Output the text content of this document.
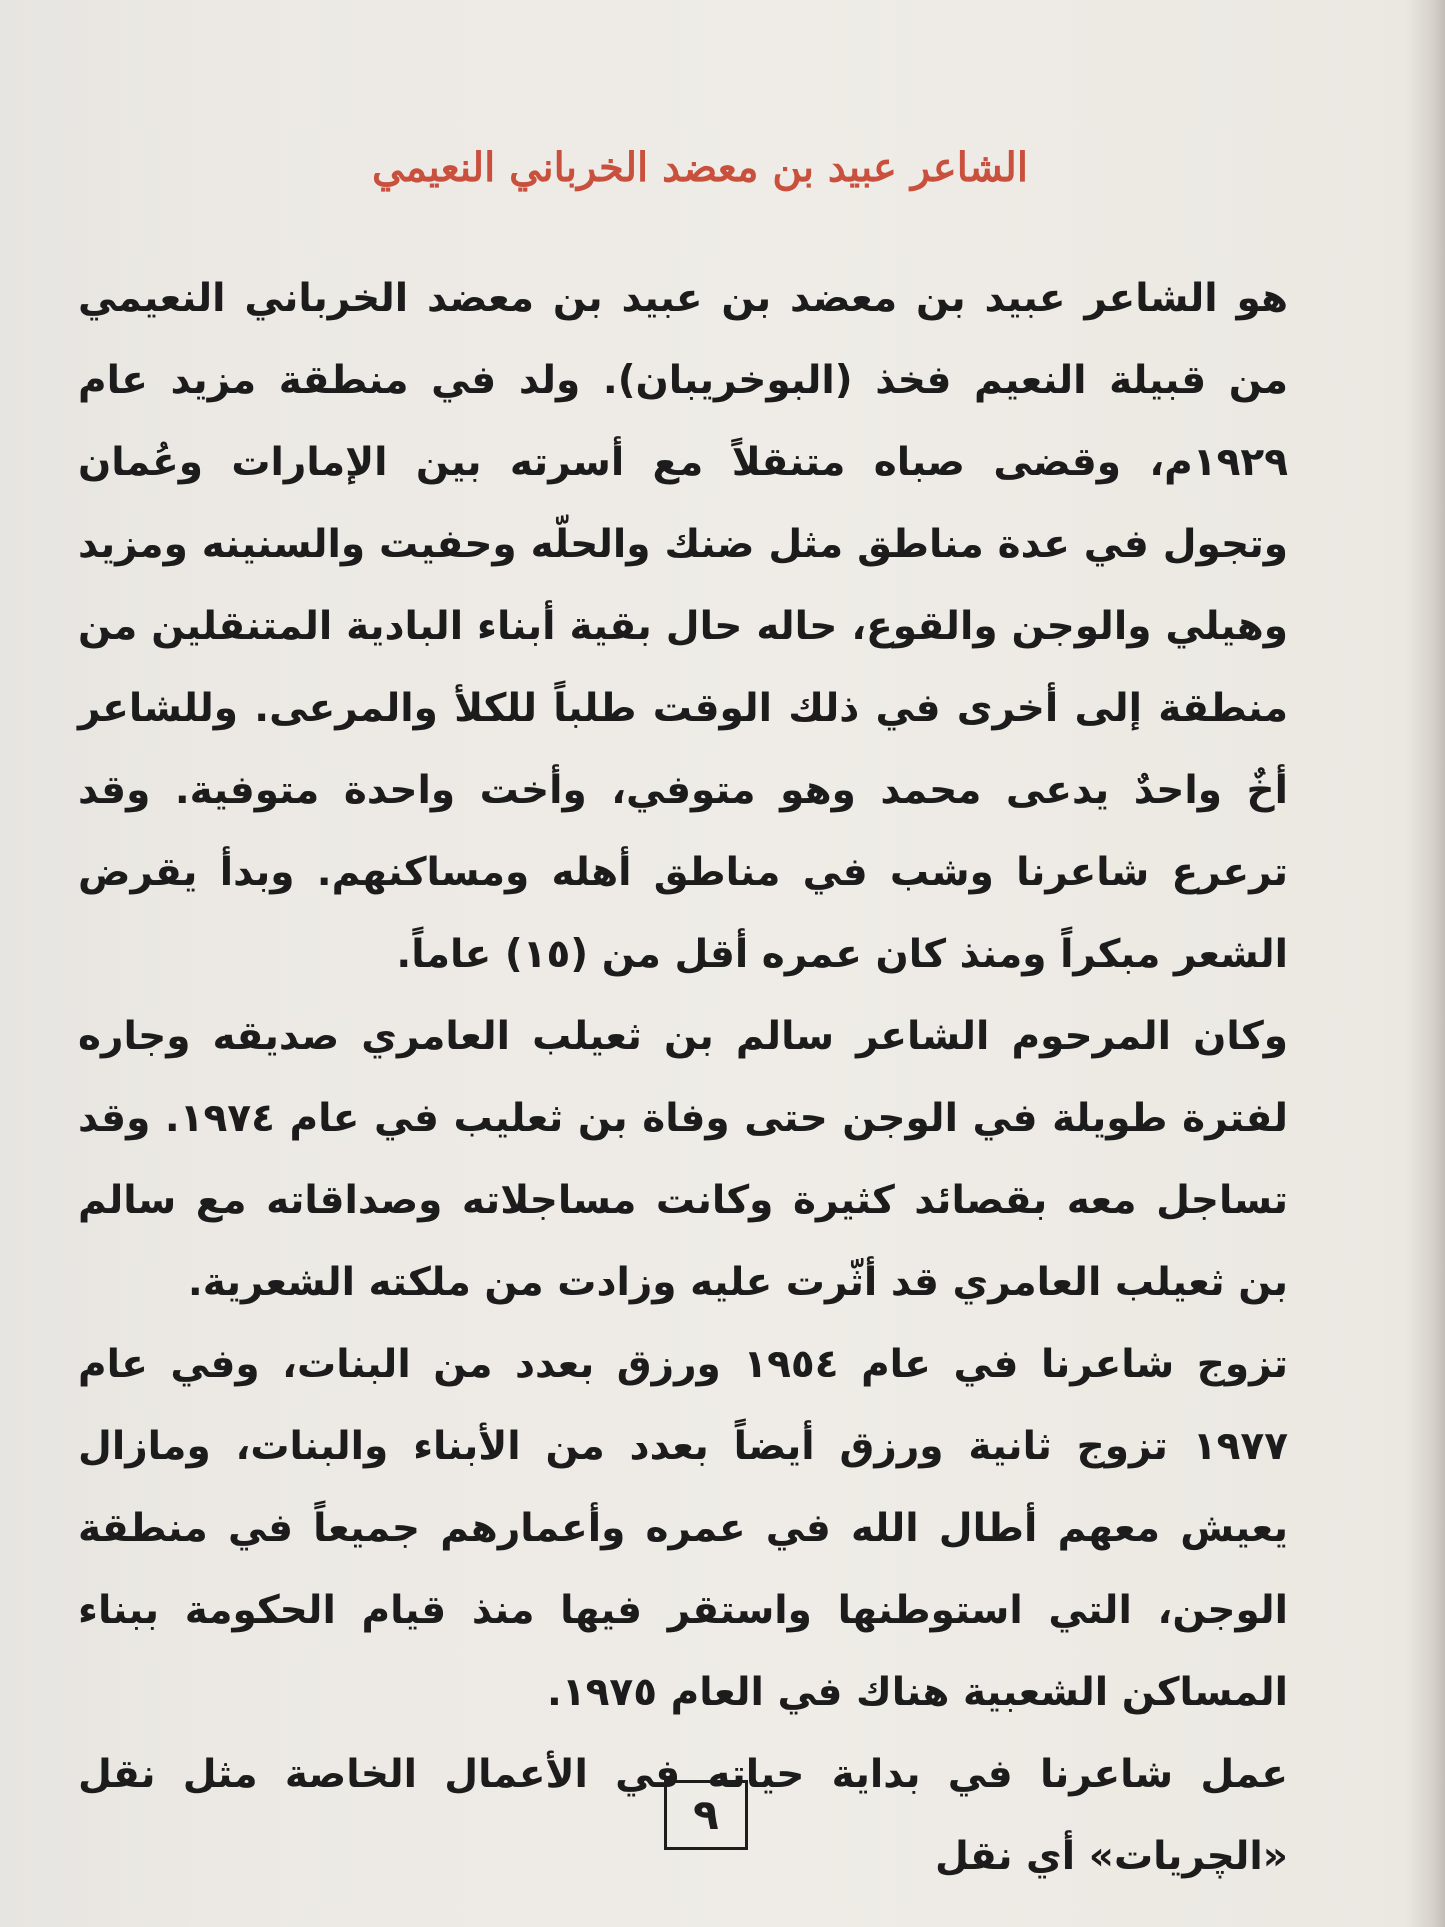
الشاعر عبيد بن معضد الخرباني النعيمي

هو الشاعر عبيد بن معضد بن عبيد بن معضد الخرباني النعيمي من قبيلة النعيم فخذ (البوخريبان). ولد في منطقة مزيد عام ١٩٢٩م، وقضى صباه متنقلاً مع أسرته بين الإمارات وعُمان وتجول في عدة مناطق مثل ضنك والحلّه وحفيت والسنينه ومزيد وهيلي والوجن والقوع، حاله حال بقية أبناء البادية المتنقلين من منطقة إلى أخرى في ذلك الوقت طلباً للكلأ والمرعى. وللشاعر أخٌ واحدٌ يدعى محمد وهو متوفي، وأخت واحدة متوفية. وقد ترعرع شاعرنا وشب في مناطق أهله ومساكنهم. وبدأ يقرض الشعر مبكراً ومنذ كان عمره أقل من (١٥) عاماً.

وكان المرحوم الشاعر سالم بن ثعيلب العامري صديقه وجاره لفترة طويلة في الوجن حتى وفاة بن ثعليب في عام ١٩٧٤. وقد تساجل معه بقصائد كثيرة وكانت مساجلاته وصداقاته مع سالم بن ثعيلب العامري قد أثّرت عليه وزادت من ملكته الشعرية.

تزوج شاعرنا في عام ١٩٥٤ ورزق بعدد من البنات، وفي عام ١٩٧٧ تزوج ثانية ورزق أيضاً بعدد من الأبناء والبنات، ومازال يعيش معهم أطال الله في عمره وأعمارهم جميعاً في منطقة الوجن، التي استوطنها واستقر فيها منذ قيام الحكومة ببناء المساكن الشعبية هناك في العام ١٩٧٥.

عمل شاعرنا في بداية حياته في الأعمال الخاصة مثل نقل «الچريات» أي نقل

٩
